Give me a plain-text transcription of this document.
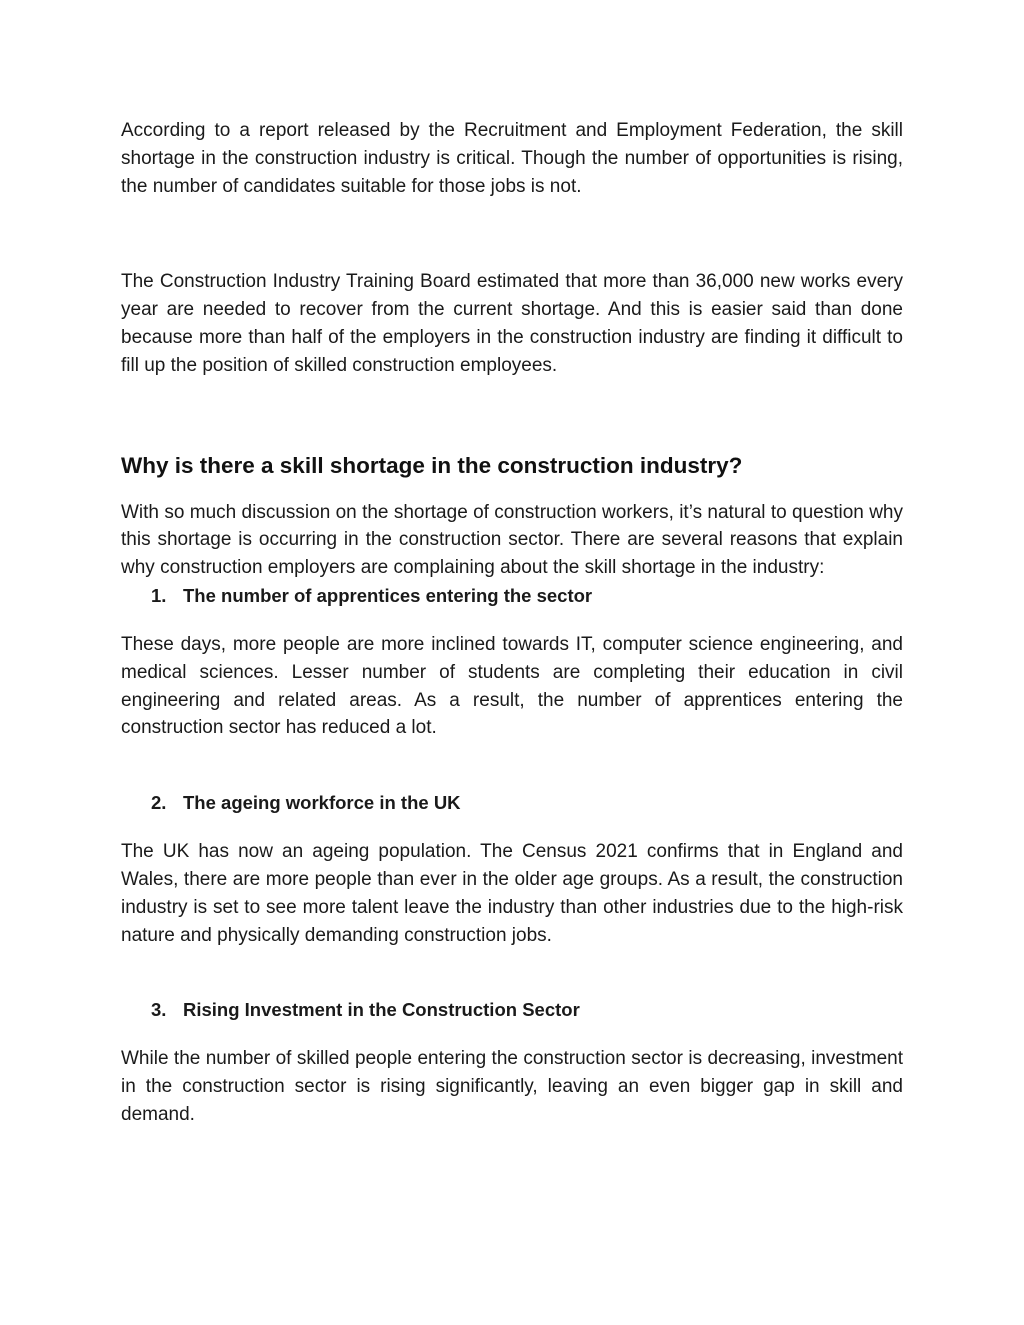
According to a report released by the Recruitment and Employment Federation, the skill shortage in the construction industry is critical. Though the number of opportunities is rising, the number of candidates suitable for those jobs is not.

The Construction Industry Training Board estimated that more than 36,000 new works every year are needed to recover from the current shortage. And this is easier said than done because more than half of the employers in the construction industry are finding it difficult to fill up the position of skilled construction employees.

Why is there a skill shortage in the construction industry?

With so much discussion on the shortage of construction workers, it’s natural to question why this shortage is occurring in the construction sector. There are several reasons that explain why construction employers are complaining about the skill shortage in the industry:

1. The number of apprentices entering the sector

These days, more people are more inclined towards IT, computer science engineering, and medical sciences. Lesser number of students are completing their education in civil engineering and related areas. As a result, the number of apprentices entering the construction sector has reduced a lot.

2. The ageing workforce in the UK

The UK has now an ageing population. The Census 2021 confirms that in England and Wales, there are more people than ever in the older age groups. As a result, the construction industry is set to see more talent leave the industry than other industries due to the high-risk nature and physically demanding construction jobs.

3. Rising Investment in the Construction Sector

While the number of skilled people entering the construction sector is decreasing, investment in the construction sector is rising significantly, leaving an even bigger gap in skill and demand.
